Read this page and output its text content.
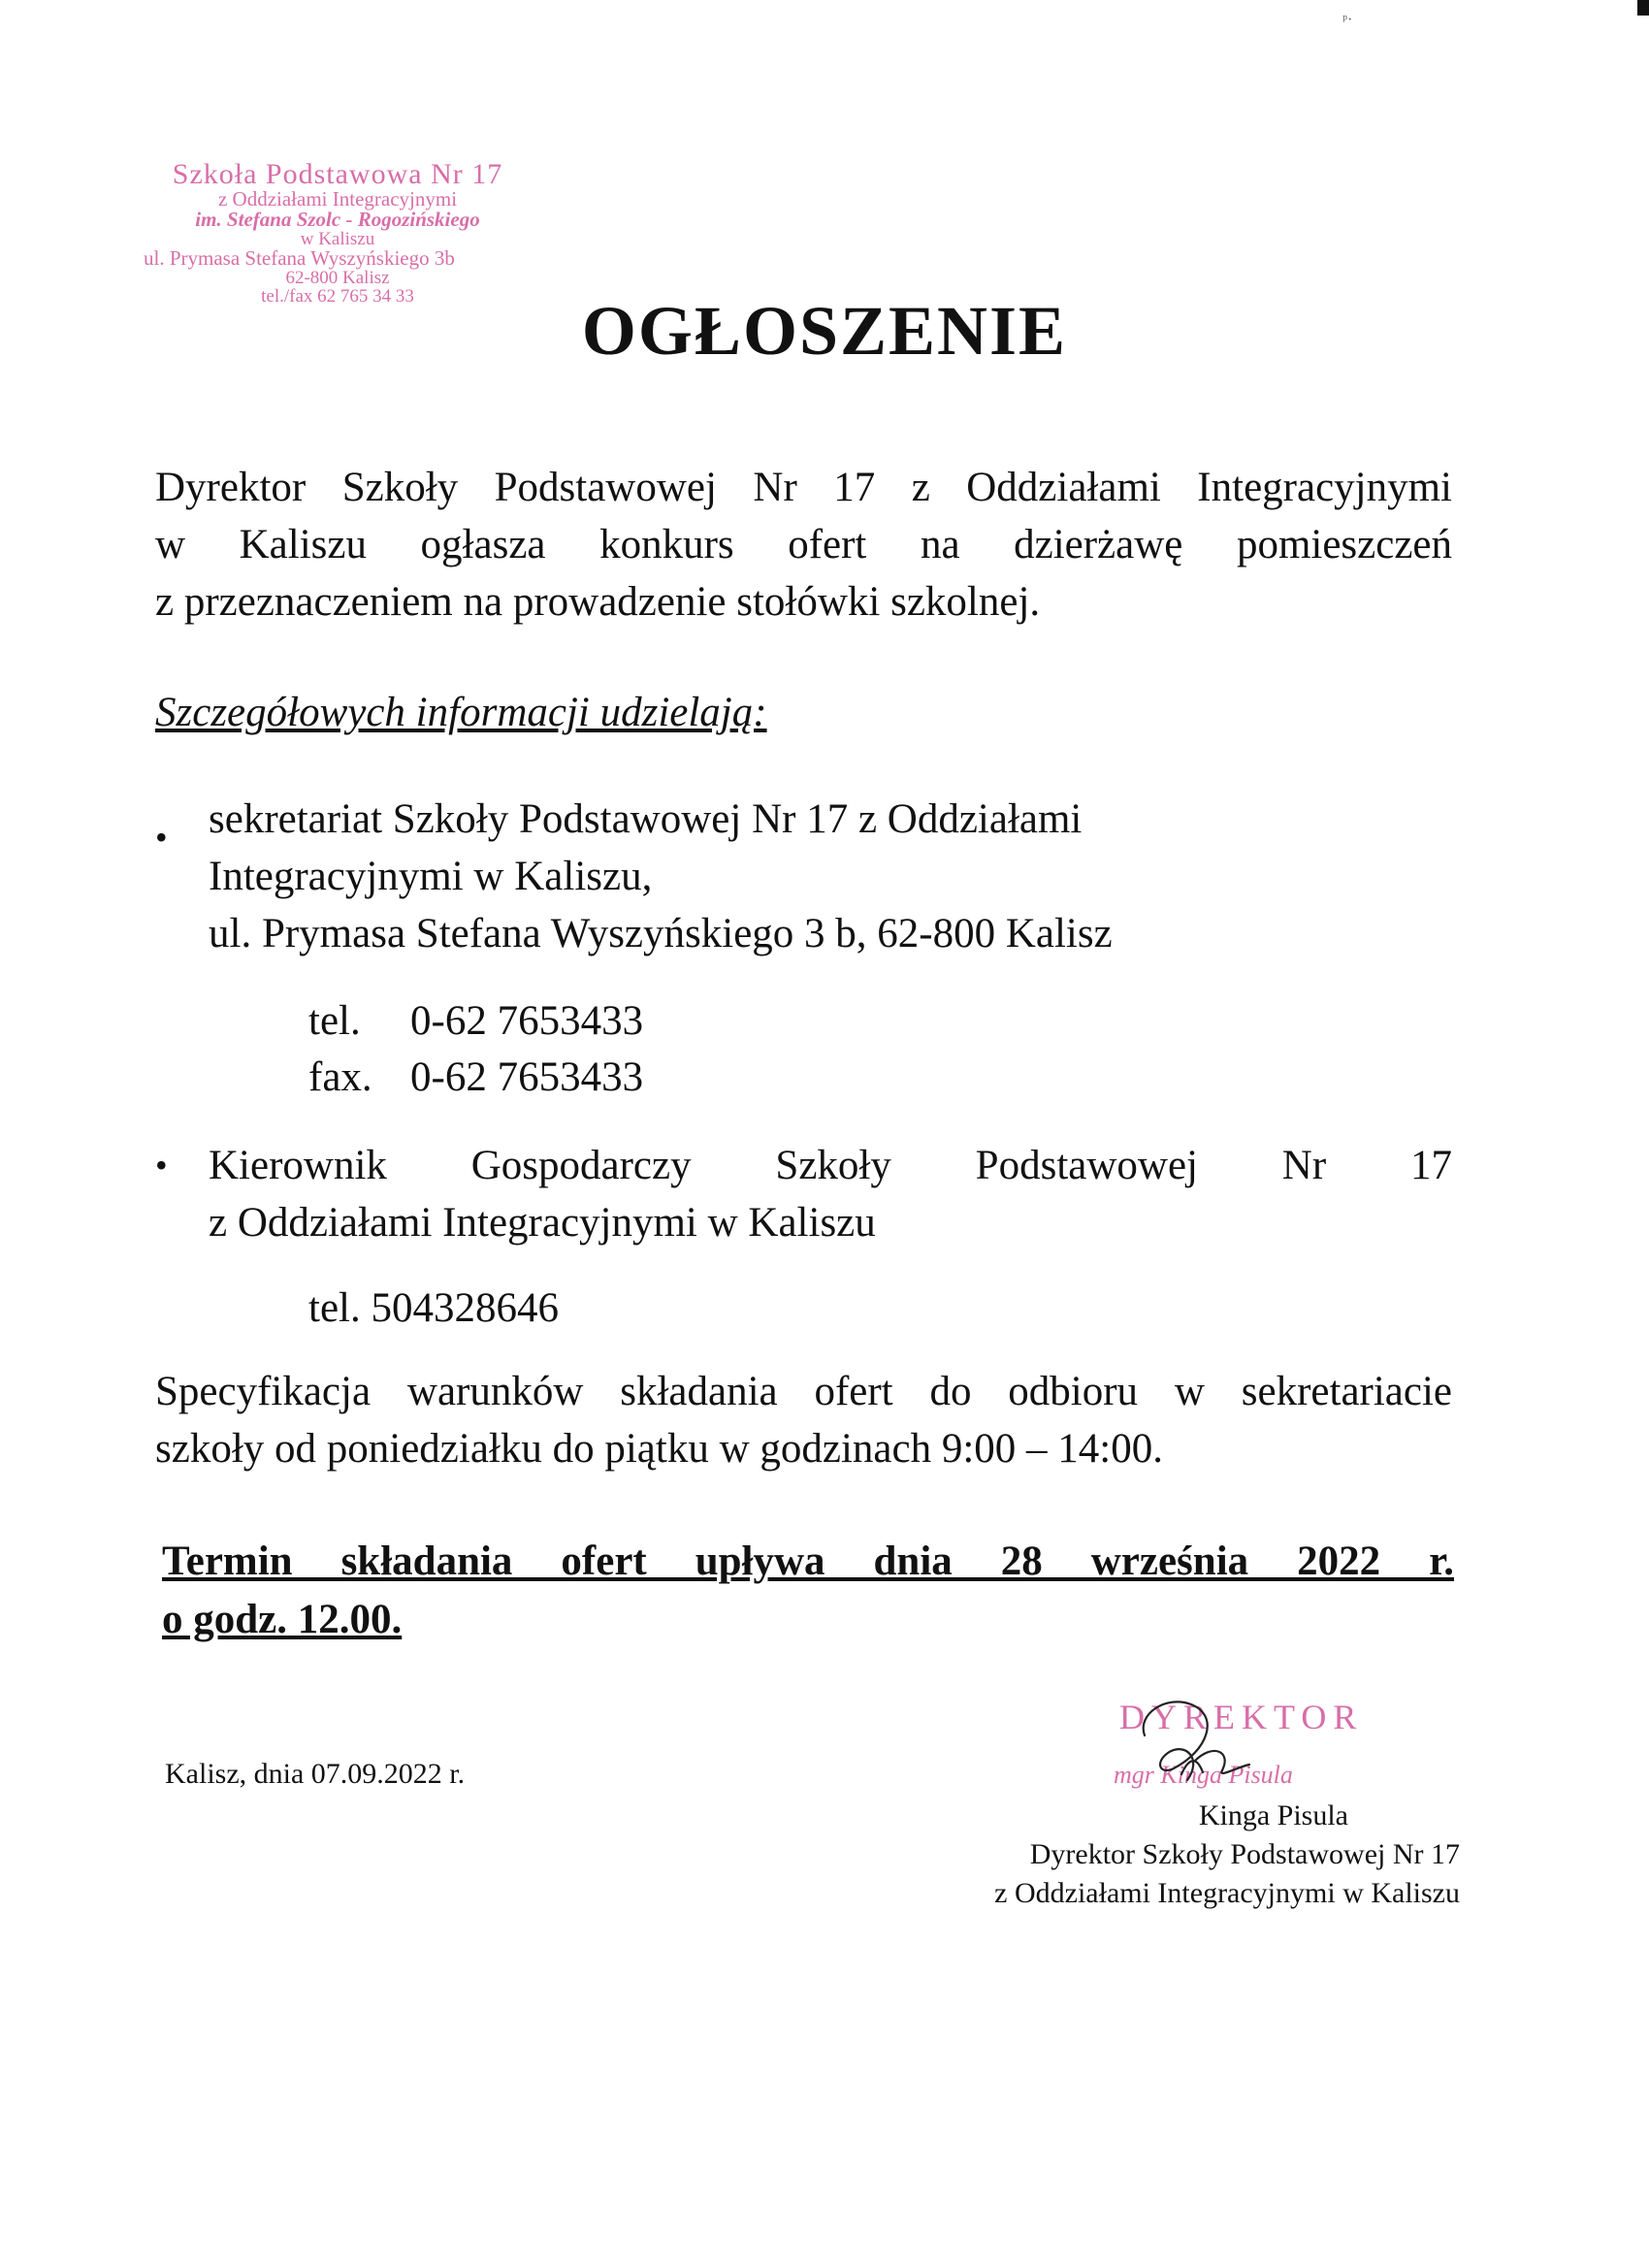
ᵖ·
Szkoła Podstawowa Nr 17
z Oddziałami Integracyjnymi
im. Stefana Szolc - Rogozińskiego
w Kaliszu
ul. Prymasa Stefana Wyszyńskiego 3b
62-800 Kalisz
tel./fax 62 765 34 33	OGŁOSZENIE
Dyrektor Szkoły Podstawowej Nr 17 z Oddziałami Integracyjnymi
w Kaliszu ogłasza konkurs ofert na dzierżawę pomieszczeń
z przeznaczeniem na prowadzenie stołówki szkolnej.
Szczegółowych informacji udzielają:
• sekretariat Szkoły Podstawowej Nr 17 z Oddziałami
Integracyjnymi w Kaliszu,
ul. Prymasa Stefana Wyszyńskiego 3 b, 62-800 Kalisz
tel. 0-62 7653433
fax. 0-62 7653433
• Kierownik Gospodarczy Szkoły Podstawowej Nr 17
z Oddziałami Integracyjnymi w Kaliszu
tel. 504328646
Specyfikacja warunków składania ofert do odbioru w sekretariacie
szkoły od poniedziałku do piątku w godzinach 9:00 – 14:00.
Termin składania ofert upływa dnia 28 września 2022 r.
o godz. 12.00.
Kalisz, dnia 07.09.2022 r.
DYREKTOR
mgr Kinga Pisula
Kinga Pisula
Dyrektor Szkoły Podstawowej Nr 17
z Oddziałami Integracyjnymi w Kaliszu
